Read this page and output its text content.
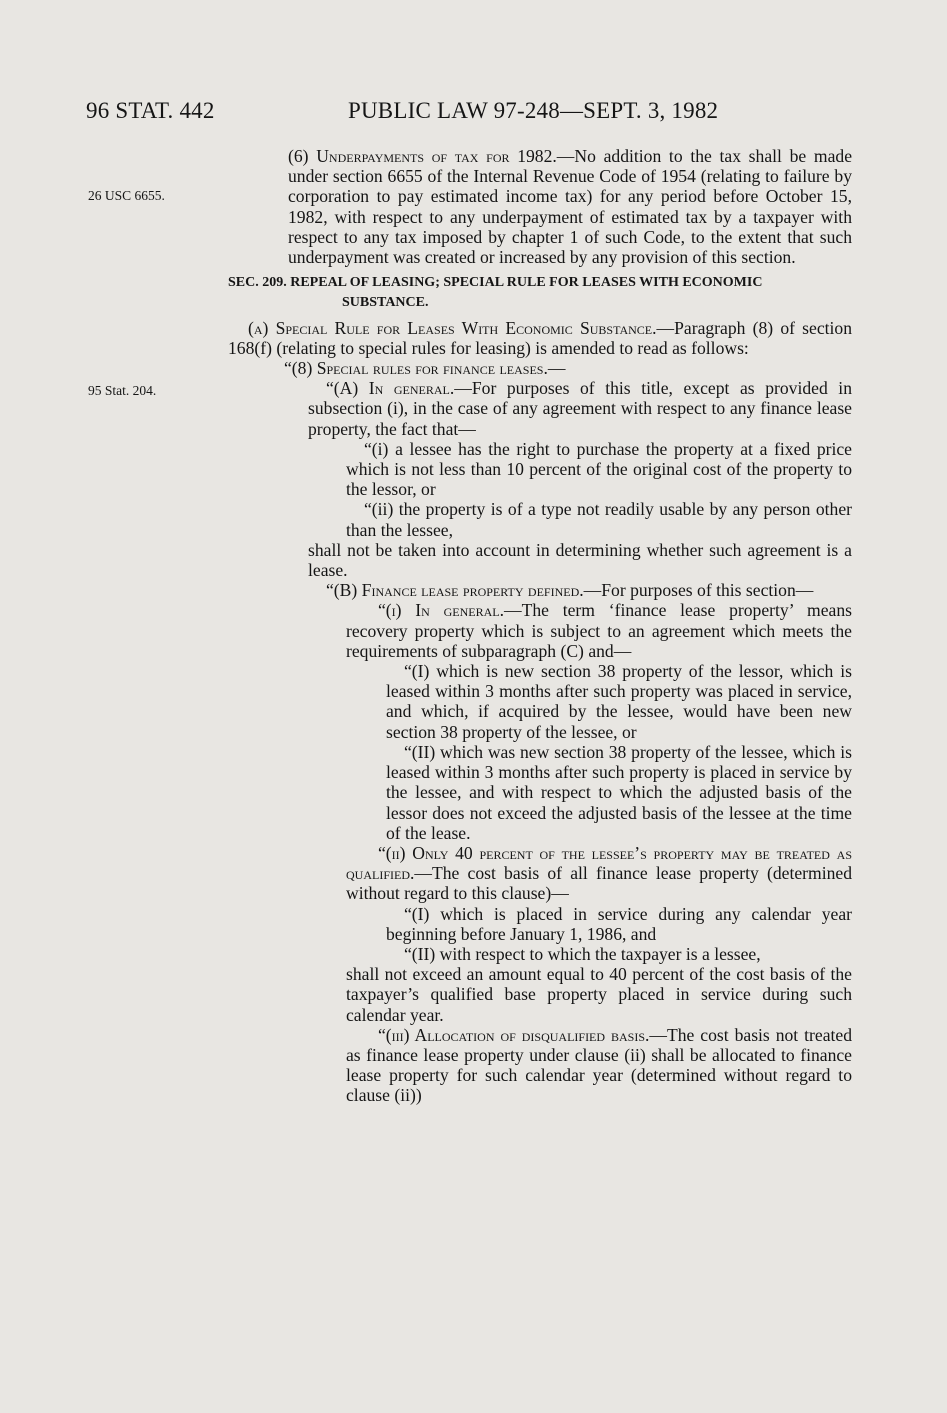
96 STAT. 442	PUBLIC LAW 97-248—SEPT. 3, 1982
26 USC 6655.
95 Stat. 204.

(6) Underpayments of tax for 1982.—No addition to the tax shall be made under section 6655 of the Internal Revenue Code of 1954 (relating to failure by corporation to pay estimated income tax) for any period before October 15, 1982, with respect to any underpayment of estimated tax by a taxpayer with respect to any tax imposed by chapter 1 of such Code, to the extent that such underpayment was created or increased by any provision of this section.

SEC. 209. REPEAL OF LEASING; SPECIAL RULE FOR LEASES WITH ECONOMIC SUBSTANCE.

(a) Special Rule for Leases With Economic Substance.—Paragraph (8) of section 168(f) (relating to special rules for leasing) is amended to read as follows:

“(8) Special rules for finance leases.—

“(A) In general.—For purposes of this title, except as provided in subsection (i), in the case of any agreement with respect to any finance lease property, the fact that—

“(i) a lessee has the right to purchase the property at a fixed price which is not less than 10 percent of the original cost of the property to the lessor, or

“(ii) the property is of a type not readily usable by any person other than the lessee,

shall not be taken into account in determining whether such agreement is a lease.

“(B) Finance lease property defined.—For purposes of this section—

“(i) In general.—The term ‘finance lease property’ means recovery property which is subject to an agreement which meets the requirements of subparagraph (C) and—

“(I) which is new section 38 property of the lessor, which is leased within 3 months after such property was placed in service, and which, if acquired by the lessee, would have been new section 38 property of the lessee, or

“(II) which was new section 38 property of the lessee, which is leased within 3 months after such property is placed in service by the lessee, and with respect to which the adjusted basis of the lessor does not exceed the adjusted basis of the lessee at the time of the lease.

“(ii) Only 40 percent of the lessee’s property may be treated as qualified.—The cost basis of all finance lease property (determined without regard to this clause)—

“(I) which is placed in service during any calendar year beginning before January 1, 1986, and

“(II) with respect to which the taxpayer is a lessee,

shall not exceed an amount equal to 40 percent of the cost basis of the taxpayer’s qualified base property placed in service during such calendar year.

“(iii) Allocation of disqualified basis.—The cost basis not treated as finance lease property under clause (ii) shall be allocated to finance lease property for such calendar year (determined without regard to clause (ii))
